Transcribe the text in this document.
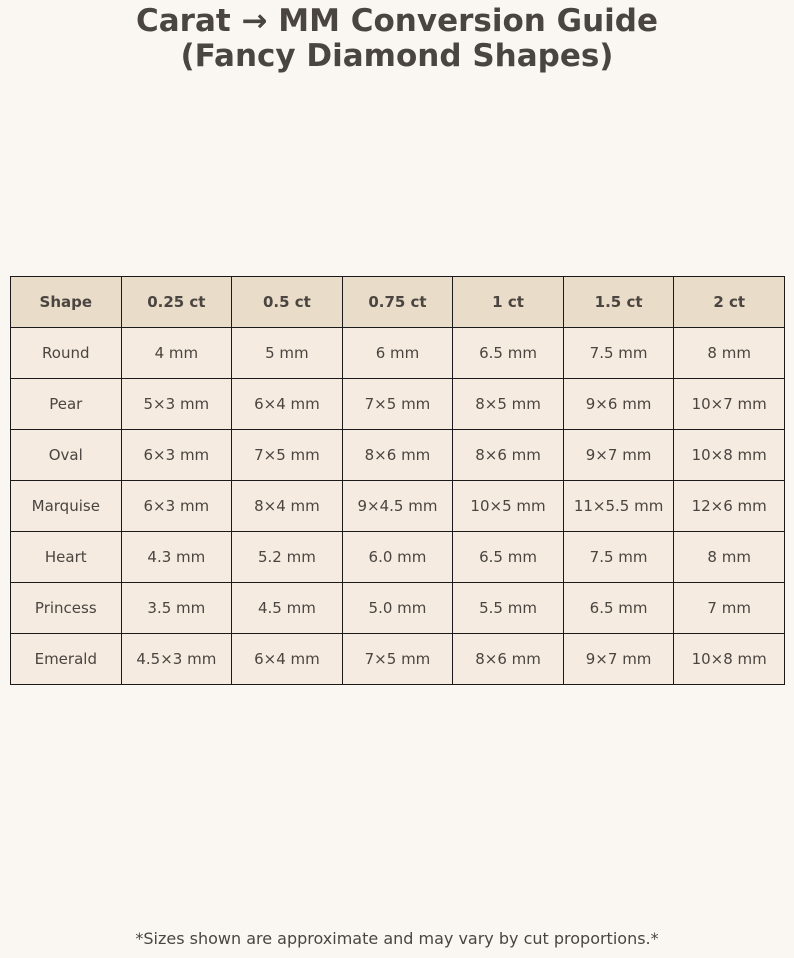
Carat → MM Conversion Guide
(Fancy Diamond Shapes)
Shape	0.25 ct	0.5 ct	0.75 ct	1 ct	1.5 ct	2 ct
Round	4 mm	5 mm	6 mm	6.5 mm	7.5 mm	8 mm
Pear	5×3 mm	6×4 mm	7×5 mm	8×5 mm	9×6 mm	10×7 mm
Oval	6×3 mm	7×5 mm	8×6 mm	8×6 mm	9×7 mm	10×8 mm
Marquise	6×3 mm	8×4 mm	9×4.5 mm	10×5 mm	11×5.5 mm	12×6 mm
Heart	4.3 mm	5.2 mm	6.0 mm	6.5 mm	7.5 mm	8 mm
Princess	3.5 mm	4.5 mm	5.0 mm	5.5 mm	6.5 mm	7 mm
Emerald	4.5×3 mm	6×4 mm	7×5 mm	8×6 mm	9×7 mm	10×8 mm
*Sizes shown are approximate and may vary by cut proportions.*
